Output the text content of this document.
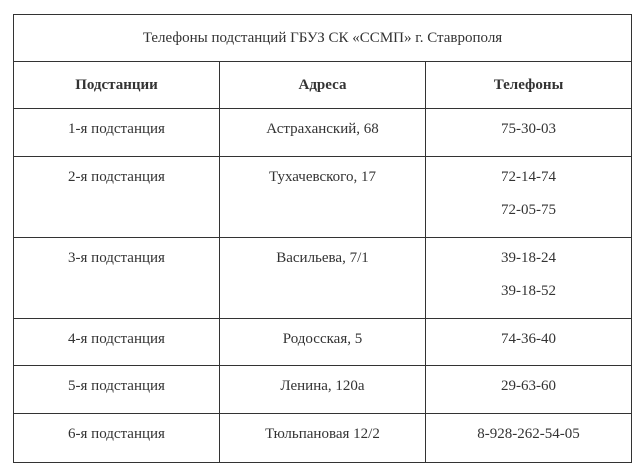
Телефоны подстанций ГБУЗ СК «ССМП» г. Ставрополя		
Подстанции	Адреса	Телефоны

1-я подстанция	Астраханский, 68	75-30-03

2-я подстанция	Тухачевского, 17	72-14-74
72-05-75

3-я подстанция	Васильева, 7/1	39-18-24
39-18-52

4-я подстанция	Родосская, 5	74-36-40

5-я подстанция	Ленина, 120а	29-63-60

6-я подстанция	Тюльпановая 12/2	8-928-262-54-05
